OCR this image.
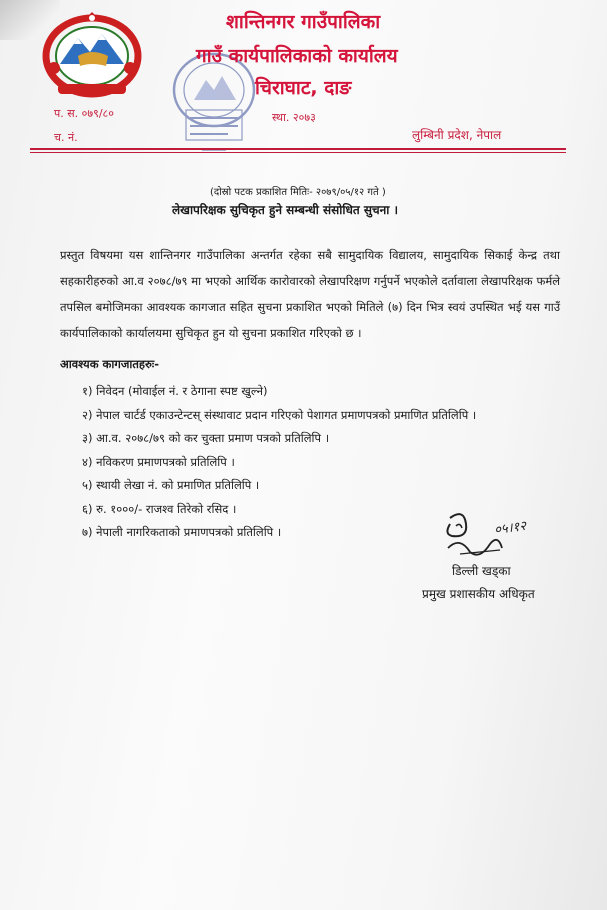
शान्तिनगर गाउँपालिका
गाउँ कार्यपालिकाको कार्यालय
चिराघाट, दाङ
प. स. ०७९/८०
च. नं.
स्था. २०७३
लुम्बिनी प्रदेश, नेपाल
(दोस्रो पटक प्रकाशित मितिः- २०७९/०५/१२ गते )
लेखापरिक्षक सुचिकृत हुने सम्बन्धी संसोधित सुचना ।
प्रस्तुत विषयमा यस शान्तिनगर गाउँपालिका अन्तर्गत रहेका सबै सामुदायिक विद्यालय, सामुदायिक सिकाई केन्द्र तथा सहकारीहरुको आ.व २०७८/७९ मा भएको आर्थिक कारोवारको लेखापरिक्षण गर्नुपर्ने भएकोले दर्तावाला लेखापरिक्षक फर्मले तपसिल बमोजिमका आवश्यक कागजात सहित सुचना प्रकाशित भएको मितिले (७) दिन भित्र स्वयं उपस्थित भई यस गाउँ कार्यपालिकाको कार्यालयमा सुचिकृत हुन यो सुचना प्रकाशित गरिएको छ ।
आवश्यक कागजातहरुः-
१) निवेदन (मोवाईल नं. र ठेगाना स्पष्ट खुल्ने)
२) नेपाल चार्टर्ड एकाउन्टेन्टस् संस्थावाट प्रदान गरिएको पेशागत प्रमाणपत्रको प्रमाणित प्रतिलिपि ।
३) आ.व. २०७८/७९ को कर चुक्ता प्रमाण पत्रको प्रतिलिपि ।
४) नविकरण प्रमाणपत्रको प्रतिलिपि ।
५) स्थायी लेखा नं. को प्रमाणित प्रतिलिपि ।
६) रु. १०००/- राजश्व तिरेको रसिद ।
७) नेपाली नागरिकताको प्रमाणपत्रको प्रतिलिपि ।	०५।१२
डिल्ली खड्का
प्रमुख प्रशासकीय अधिकृत
